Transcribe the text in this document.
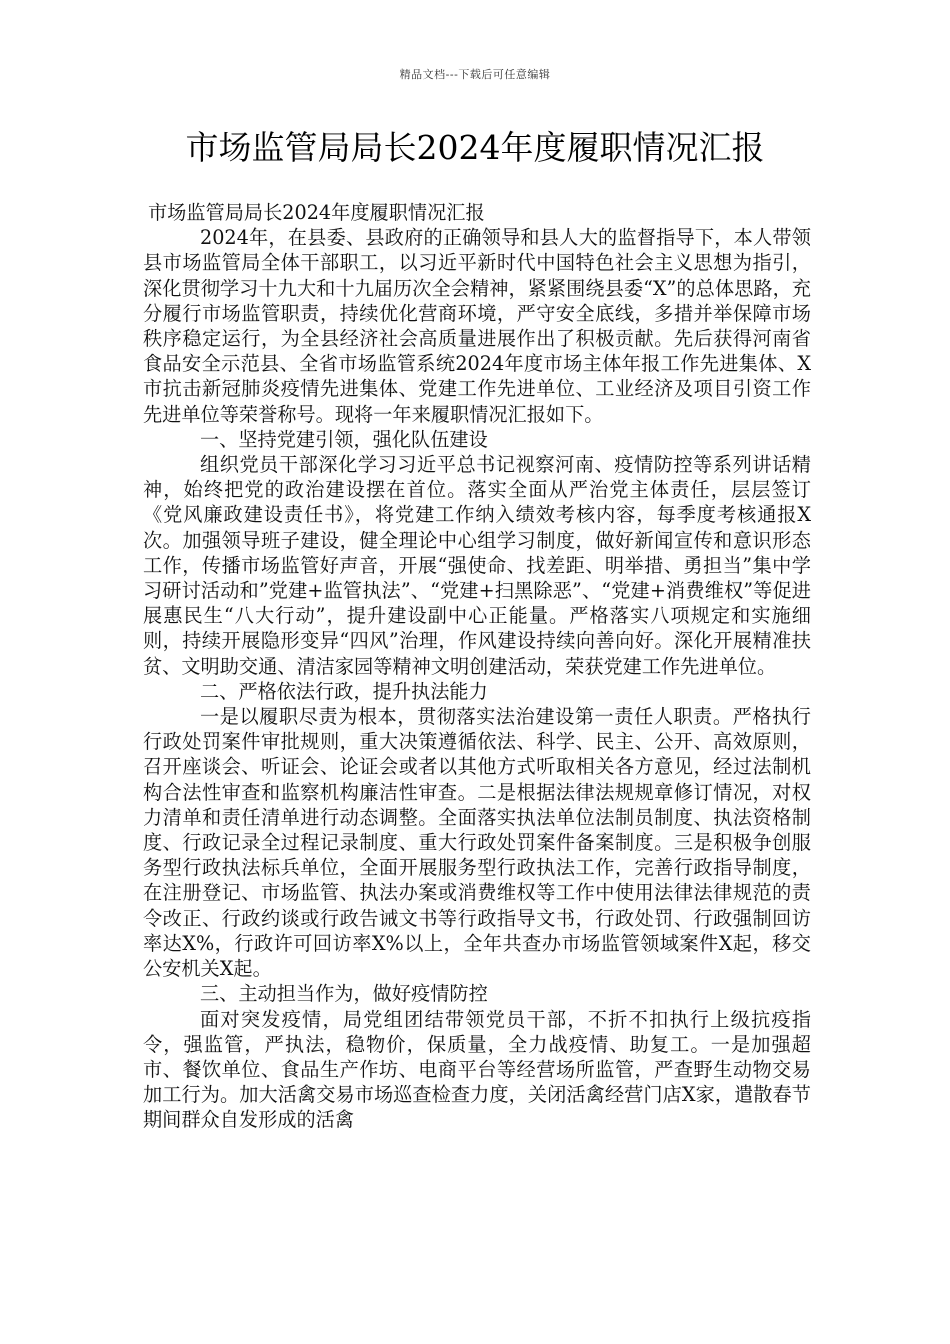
精品文档---下载后可任意编辑
市场监管局局长2024年度履职情况汇报

市场监管局局长2024年度履职情况汇报

2024年，在县委、县政府的正确领导和县人大的监督指导下，本人带领县市场监管局全体干部职工，以习近平新时代中国特色社会主义思想为指引，深化贯彻学习十九大和十九届历次全会精神，紧紧围绕县委“X”的总体思路，充分履行市场监管职责，持续优化营商环境，严守安全底线，多措并举保障市场秩序稳定运行，为全县经济社会高质量进展作出了积极贡献。先后获得河南省食品安全示范县、全省市场监管系统2024年度市场主体年报工作先进集体、X市抗击新冠肺炎疫情先进集体、党建工作先进单位、工业经济及项目引资工作先进单位等荣誉称号。现将一年来履职情况汇报如下。

一、坚持党建引领，强化队伍建设

组织党员干部深化学习习近平总书记视察河南、疫情防控等系列讲话精神，始终把党的政治建设摆在首位。落实全面从严治党主体责任，层层签订《党风廉政建设责任书》，将党建工作纳入绩效考核内容，每季度考核通报X次。加强领导班子建设，健全理论中心组学习制度，做好新闻宣传和意识形态工作，传播市场监管好声音，开展“强使命、找差距、明举措、勇担当”集中学习研讨活动和”党建+监管执法”、“党建+扫黑除恶”、“党建+消费维权”等促进展惠民生“八大行动”，提升建设副中心正能量。严格落实八项规定和实施细则，持续开展隐形变异“四风”治理，作风建设持续向善向好。深化开展精准扶贫、文明助交通、清洁家园等精神文明创建活动，荣获党建工作先进单位。

二、严格依法行政，提升执法能力

一是以履职尽责为根本，贯彻落实法治建设第一责任人职责。严格执行行政处罚案件审批规则，重大决策遵循依法、科学、民主、公开、高效原则，召开座谈会、听证会、论证会或者以其他方式听取相关各方意见，经过法制机构合法性审查和监察机构廉洁性审查。二是根据法律法规规章修订情况，对权力清单和责任清单进行动态调整。全面落实执法单位法制员制度、执法资格制度、行政记录全过程记录制度、重大行政处罚案件备案制度。三是积极争创服务型行政执法标兵单位，全面开展服务型行政执法工作，完善行政指导制度，在注册登记、市场监管、执法办案或消费维权等工作中使用法律法律规范的责令改正、行政约谈或行政告诫文书等行政指导文书，行政处罚、行政强制回访率达X%，行政许可回访率X%以上，全年共查办市场监管领域案件X起，移交公安机关X起。

三、主动担当作为，做好疫情防控

面对突发疫情，局党组团结带领党员干部，不折不扣执行上级抗疫指令，强监管，严执法，稳物价，保质量，全力战疫情、助复工。一是加强超市、餐饮单位、食品生产作坊、电商平台等经营场所监管，严查野生动物交易加工行为。加大活禽交易市场巡查检查力度，关闭活禽经营门店X家，遣散春节期间群众自发形成的活禽
